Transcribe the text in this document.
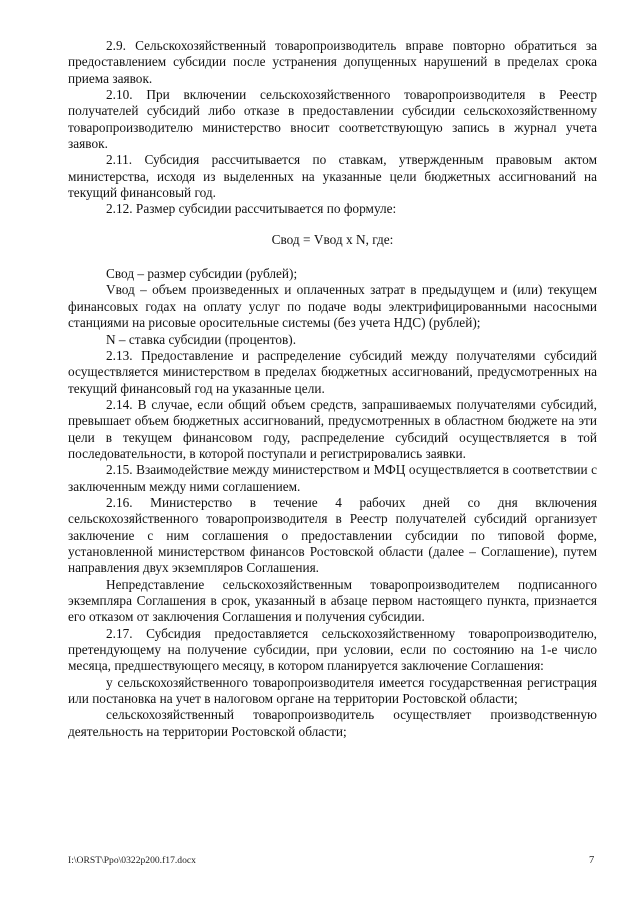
2.9. Сельскохозяйственный товаропроизводитель вправе повторно обратиться за предоставлением субсидии после устранения допущенных нарушений в пределах срока приема заявок.

2.10. При включении сельскохозяйственного товаропроизводителя в Реестр получателей субсидий либо отказе в предоставлении субсидии сельскохозяйственному товаропроизводителю министерство вносит соответствующую запись в журнал учета заявок.

2.11. Субсидия рассчитывается по ставкам, утвержденным правовым актом министерства, исходя из выделенных на указанные цели бюджетных ассигнований на текущий финансовый год.

2.12. Размер субсидии рассчитывается по формуле:

Свод = Vвод x N, где:

Свод – размер субсидии (рублей);

Vвод – объем произведенных и оплаченных затрат в предыдущем и (или) текущем финансовых годах на оплату услуг по подаче воды электрифицированными насосными станциями на рисовые оросительные системы (без учета НДС) (рублей);

N – ставка субсидии (процентов).

2.13. Предоставление и распределение субсидий между получателями субсидий осуществляется министерством в пределах бюджетных ассигнований, предусмотренных на текущий финансовый год на указанные цели.

2.14. В случае, если общий объем средств, запрашиваемых получателями субсидий, превышает объем бюджетных ассигнований, предусмотренных в областном бюджете на эти цели в текущем финансовом году, распределение субсидий осуществляется в той последовательности, в которой поступали и регистрировались заявки.

2.15. Взаимодействие между министерством и МФЦ осуществляется в соответствии с заключенным между ними соглашением.

2.16. Министерство в течение 4 рабочих дней со дня включения сельскохозяйственного товаропроизводителя в Реестр получателей субсидий организует заключение с ним соглашения о предоставлении субсидии по типовой форме, установленной министерством финансов Ростовской области (далее – Соглашение), путем направления двух экземпляров Соглашения.

Непредставление сельскохозяйственным товаропроизводителем подписанного экземпляра Соглашения в срок, указанный в абзаце первом настоящего пункта, признается его отказом от заключения Соглашения и получения субсидии.

2.17. Субсидия предоставляется сельскохозяйственному товаропроизводителю, претендующему на получение субсидии, при условии, если по состоянию на 1-е число месяца, предшествующего месяцу, в котором планируется заключение Соглашения:

у сельскохозяйственного товаропроизводителя имеется государственная регистрация или постановка на учет в налоговом органе на территории Ростовской области;

сельскохозяйственный товаропроизводитель осуществляет производственную деятельность на территории Ростовской области;

I:\ORST\Ppo\0322p200.f17.docx	7
